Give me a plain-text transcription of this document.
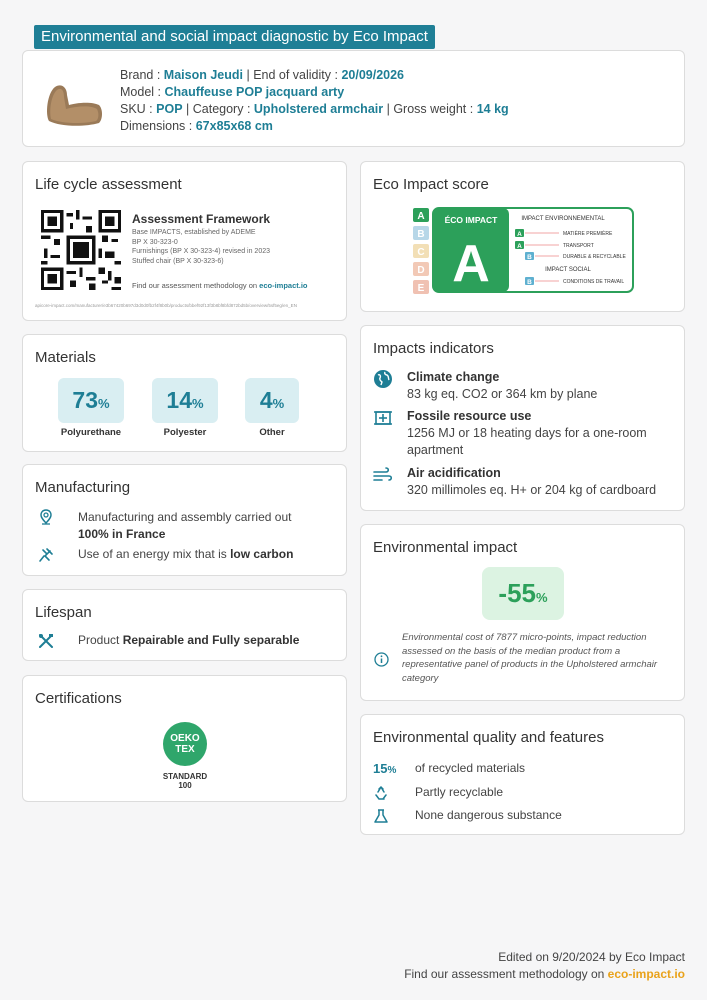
Environmental and social impact diagnostic by Eco Impact
Brand : Maison Jeudi | End of validity : 20/09/2026
Model : Chauffeuse POP jacquard arty
SKU : POP | Category : Upholstered armchair | Gross weight : 14 kg
Dimensions : 67x85x68 cm
Life cycle assessment
Assessment Framework
Base IMPACTS, established by ADEME
BP X 30-323-0
Furnishings (BP X 30-323-4) revised in 2023
Stuffed chair (BP X 30-323-6)
Find our assessment methodology on eco-impact.io
apicore-impact.com/manufacturer/e3b67420b697d3d0d0fb2f4f8b0b/products/bbef92f13f3b8bf8bfd872bd5b/overview/5sf5eg/en_EN
Eco Impact score
A
B
C
D
E
ÉCO IMPACT
A
IMPACT ENVIRONNEMENTAL
A	MATIÈRE PREMIÈRE
A	TRANSPORT
B	DURABLE & RECYCLABLE
IMPACT SOCIAL
B	CONDITIONS DE TRAVAIL
Materials
73%
Polyurethane
14%
Polyester
4%
Other
Manufacturing
Manufacturing and assembly carried out
100% in France
Use of an energy mix that is low carbon
Lifespan
Product Repairable and Fully separable
Certifications
OEKO
TEX
STANDARD
100
Impacts indicators
Climate change
83 kg eq. CO2 or 364 km by plane
Fossile resource use
1256 MJ or 18 heating days for a one-room apartment
Air acidification
320 millimoles eq. H+ or 204 kg of cardboard
Environmental impact
-55%
Environmental cost of 7877 micro-points, impact reduction assessed on the basis of the median product from a representative panel of products in the Upholstered armchair category
Environmental quality and features
15%	of recycled materials
Partly recyclable
None dangerous substance
Edited on 9/20/2024 by Eco Impact
Find our assessment methodology on eco-impact.io
